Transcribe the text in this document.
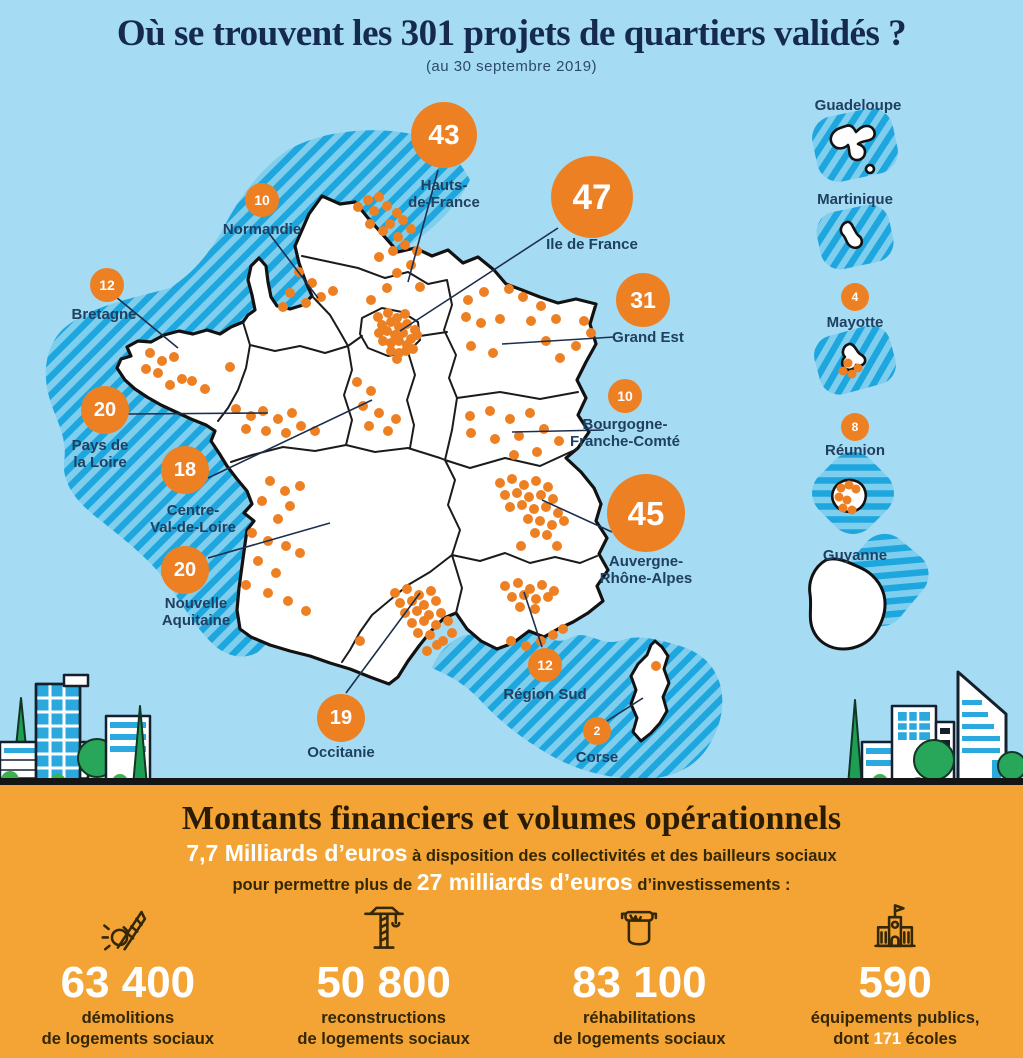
Où se trouvent les 301 projets de quartiers validés ?
(au 30 septembre 2019)
43
Hauts-
de-France
10
Normandie
47
Ile de France
31
Grand Est
10
Bourgogne-
Franche-Comté
45
Auvergne-
Rhône-Alpes
12
Région Sud
2
Corse
19
Occitanie
20
Nouvelle
Aquitaine
18
Centre-
Val-de-Loire
20
Pays de
la Loire
12
Bretagne
Guadeloupe
Martinique
4
Mayotte
8
Réunion
Guyanne
Montants financiers et volumes opérationnels
7,7 Milliards d’euros à disposition des collectivités et des bailleurs sociaux
pour permettre plus de 27 milliards d’euros d’investissements :
63 400
démolitions
de logements sociaux
50 800
reconstructions
de logements sociaux
83 100
réhabilitations
de logements sociaux
590
équipements publics,
dont 171 écoles
